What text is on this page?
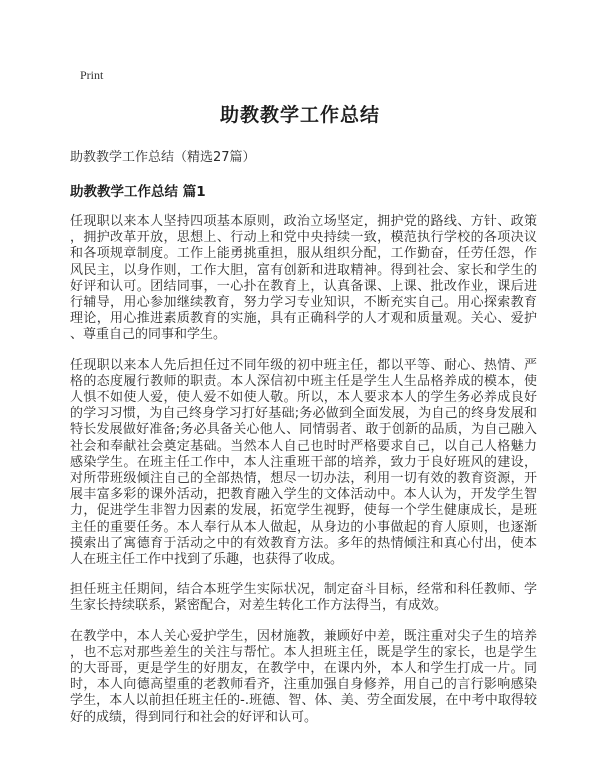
Print
助教教学工作总结
助教教学工作总结（精选27篇）
助教教学工作总结 篇1

任现职以来本人坚持四项基本原则，政治立场坚定，拥护党的路线、方针、政策，拥护改革开放，思想上、行动上和党中央持续一致，模范执行学校的各项决议和各项规章制度。工作上能勇挑重担，服从组织分配，工作勤奋，任劳任怨，作风民主，以身作则，工作大胆，富有创新和进取精神。得到社会、家长和学生的好评和认可。团结同事，一心扑在教育上，认真备课、上课、批改作业，课后进行辅导，用心参加继续教育，努力学习专业知识，不断充实自己。用心探索教育理论，用心推进素质教育的实施，具有正确科学的人才观和质量观。关心、爱护、尊重自己的同事和学生。

任现职以来本人先后担任过不同年级的初中班主任，都以平等、耐心、热情、严格的态度履行教师的职责。本人深信初中班主任是学生人生品格养成的模本，使人惧不如使人爱，使人爱不如使人敬。所以，本人要求本人的学生务必养成良好的学习习惯，为自己终身学习打好基础;务必做到全面发展，为自己的终身发展和特长发展做好准备;务必具备关心他人、同情弱者、敢于创新的品质，为自己融入社会和奉献社会奠定基础。当然本人自己也时时严格要求自己，以自己人格魅力感染学生。在班主任工作中，本人注重班干部的培养，致力于良好班风的建设，对所带班级倾注自己的全部热情，想尽一切办法，利用一切有效的教育资源，开展丰富多彩的课外活动，把教育融入学生的文体活动中。本人认为，开发学生智力，促进学生非智力因素的发展，拓宽学生视野，使每一个学生健康成长，是班主任的重要任务。本人奉行从本人做起，从身边的小事做起的育人原则，也逐渐摸索出了寓德育于活动之中的有效教育方法。多年的热情倾注和真心付出，使本人在班主任工作中找到了乐趣，也获得了收成。

担任班主任期间，结合本班学生实际状况，制定奋斗目标，经常和科任教师、学生家长持续联系，紧密配合，对差生转化工作方法得当，有成效。

在教学中，本人关心爱护学生，因材施教，兼顾好中差，既注重对尖子生的培养，也不忘对那些差生的关注与帮忙。本人担班主任，既是学生的家长，也是学生的大哥哥，更是学生的好朋友，在教学中，在课内外，本人和学生打成一片。同时，本人向德高望重的老教师看齐，注重加强自身修养，用自己的言行影响感染学生，本人以前担任班主任的-.班德、智、体、美、劳全面发展，在中考中取得较好的成绩，得到同行和社会的好评和认可。
